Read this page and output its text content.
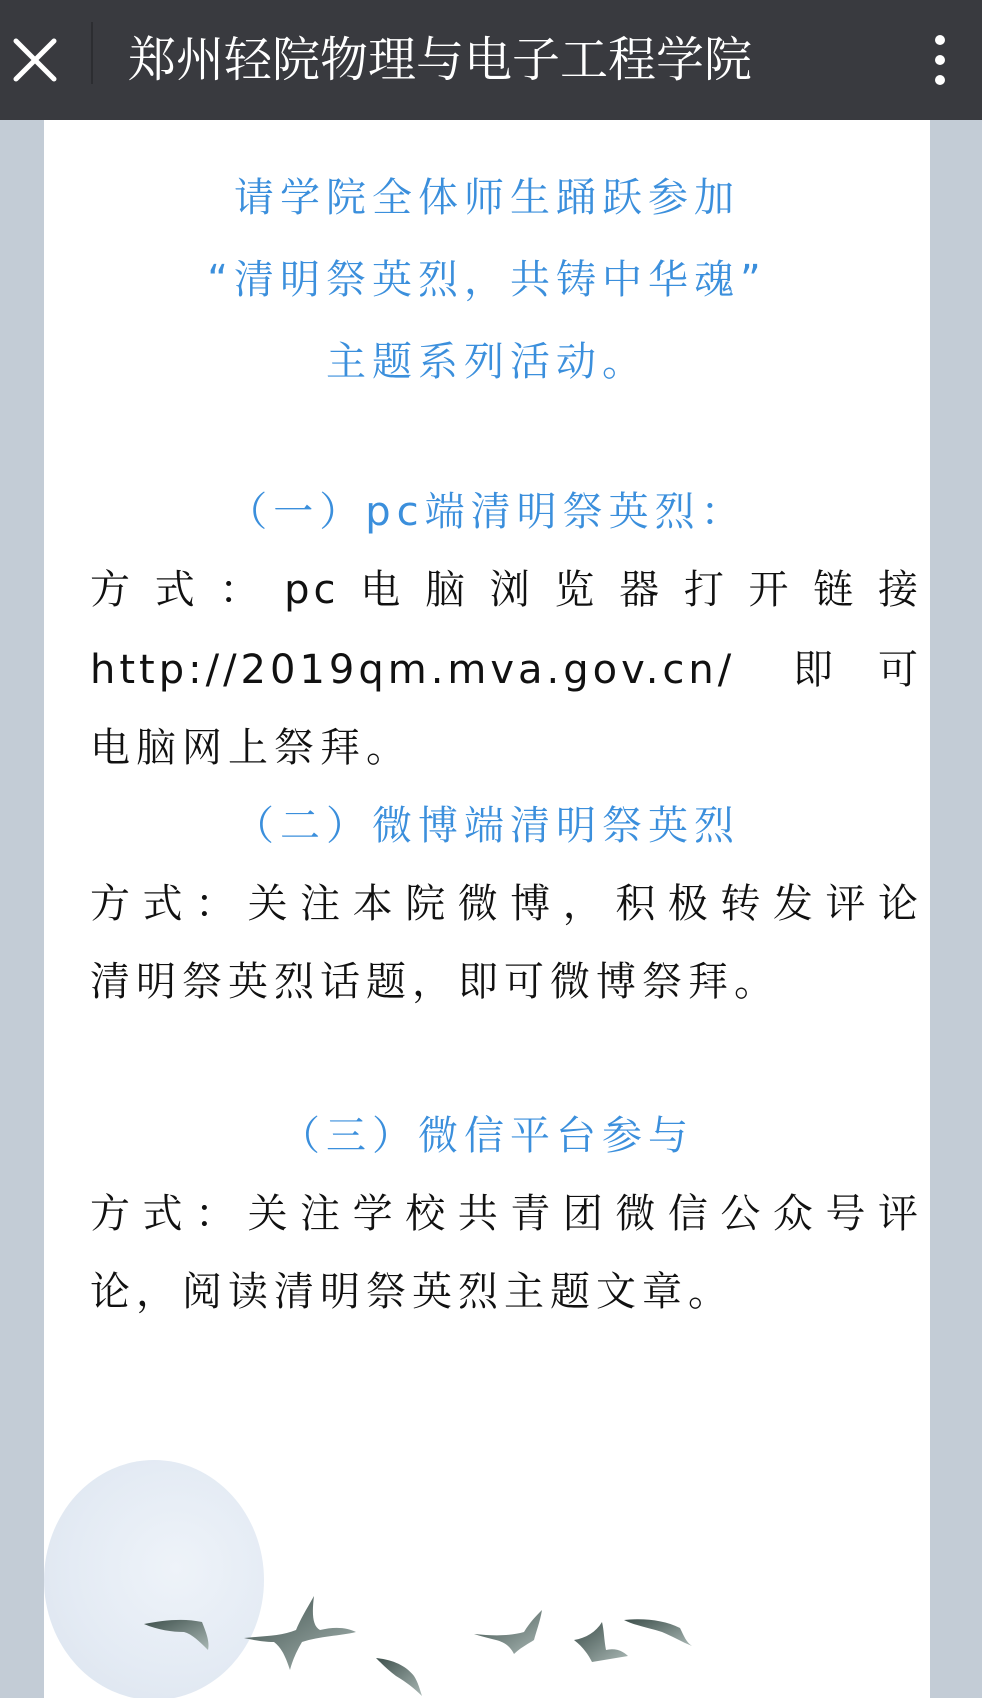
郑州轻院物理与电子工程学院
请学院全体师生踊跃参加
“清明祭英烈，共铸中华魂”
主题系列活动。
（一）pc端清明祭英烈：
方式：pc电脑浏览器打开链接
http://2019qm.mva.gov.cn/ 即可
电脑网上祭拜。
（二）微博端清明祭英烈
方式：关注本院微博，积极转发评论
清明祭英烈话题，即可微博祭拜。
（三）微信平台参与
方式：关注学校共青团微信公众号评
论，阅读清明祭英烈主题文章。
